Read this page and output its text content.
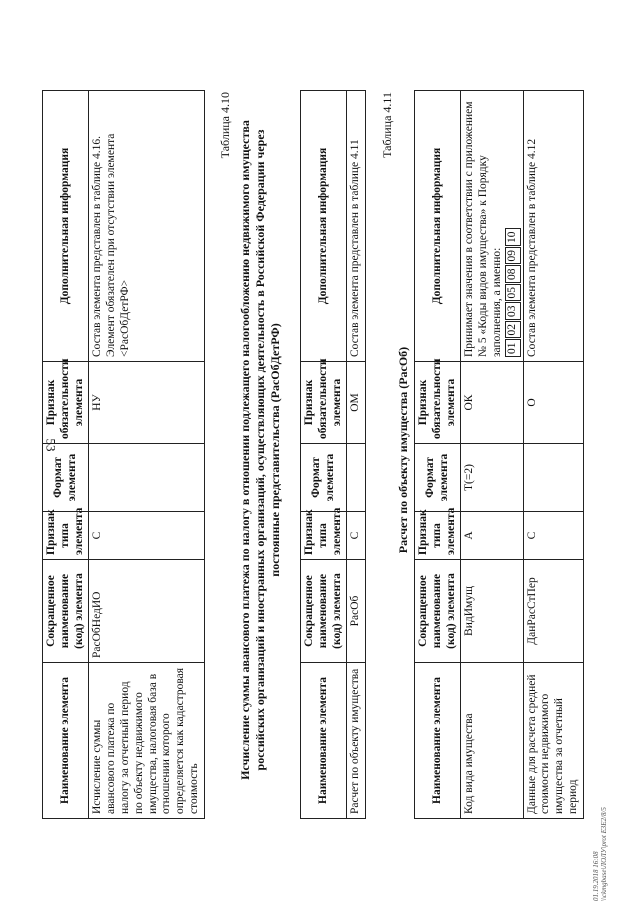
53
Наименование элемента	Сокращенное наименование (код) элемента	Признак типа элемента	Формат элемента	Признак обязательности элемента	Дополнительная информация
Исчисление суммы авансового платежа по налогу за отчетный период по объекту недвижимого имущества, налоговая база в отношении которого определяется как кадастровая стоимость	РасОбНедИО	С		НУ	Состав элемента представлен в таблице 4.16. Элемент обязателен при отсутствии элемента <РасОбДетРФ>
Таблица 4.10 Исчисление суммы авансового платежа по налогу в отношении подлежащего налогообложению недвижимого имущества российских организаций и иностранных организаций, осуществляющих деятельность в Российской Федерации через постоянные представительства (РасОбДетРФ)
Наименование элемента	Сокращенное наименование (код) элемента	Признак типа элемента	Формат элемента	Признак обязательности элемента	Дополнительная информация
Расчет по объекту имущества	РасОб	С		ОМ	Состав элемента представлен в таблице 4.11
Таблица 4.11
Расчет по объекту имущества (РасОб)
Наименование элемента	Сокращенное наименование (код) элемента	Признак типа элемента	Формат элемента	Признак обязательности элемента	Дополнительная информация
Код вида имущества	ВидИмущ	А	T(=2)	ОК	Принимает значения в соответствии с приложением № 5 «Коды видов имущества» к Порядку заполнения, а именно: 01020305080910
Данные для расчета средней стоимости недвижимого имущества за отчетный период	ДанРасСтПер	С		О	Состав элемента представлен в таблице 4.12
01.19.2018 16:08 \\ckmgbase\ЛОЛУ\prot ЕЗЕ2/8/5
